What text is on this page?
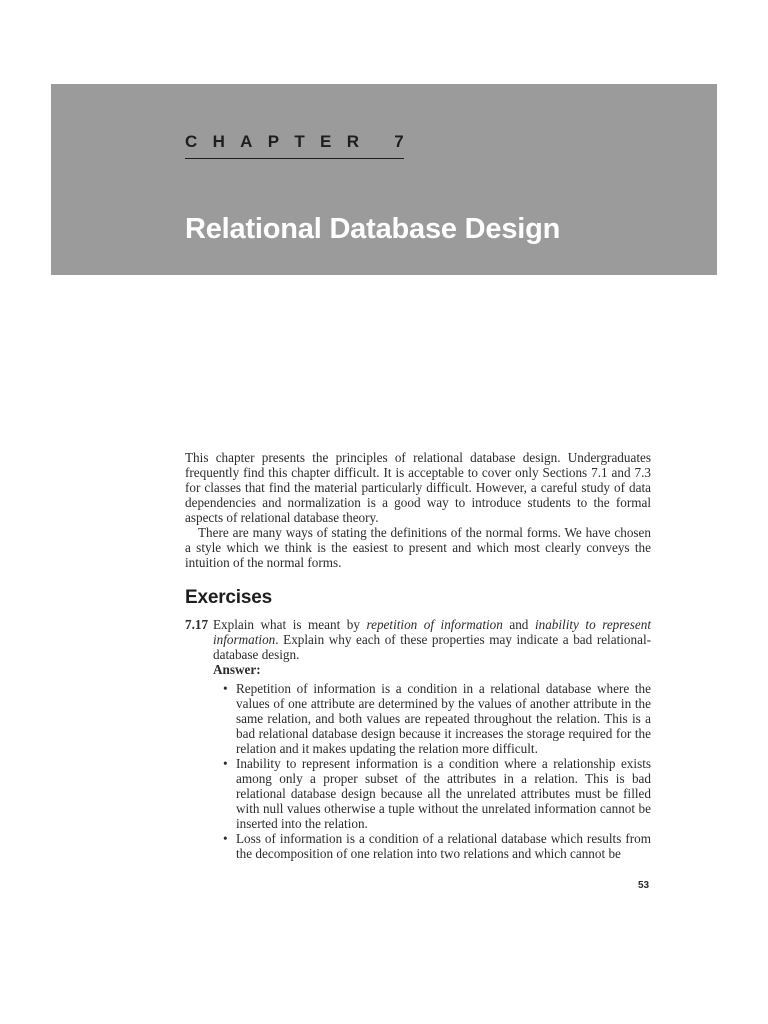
CHAPTER 7
Relational Database Design

This chapter presents the principles of relational database design. Undergraduates frequently find this chapter difficult. It is acceptable to cover only Sections 7.1 and 7.3 for classes that find the material particularly difficult. However, a careful study of data dependencies and normalization is a good way to introduce students to the formal aspects of relational database theory.

There are many ways of stating the definitions of the normal forms. We have chosen a style which we think is the easiest to present and which most clearly conveys the intuition of the normal forms.

Exercises
7.17 Explain what is meant by repetition of information and inability to represent information. Explain why each of these properties may indicate a bad relational-database design.
Answer:
• Repetition of information is a condition in a relational database where the values of one attribute are determined by the values of another attribute in the same relation, and both values are repeated throughout the relation. This is a bad relational database design because it increases the storage required for the relation and it makes updating the relation more difficult.
• Inability to represent information is a condition where a relationship exists among only a proper subset of the attributes in a relation. This is bad relational database design because all the unrelated attributes must be filled with null values otherwise a tuple without the unrelated information cannot be inserted into the relation.
• Loss of information is a condition of a relational database which results from the decomposition of one relation into two relations and which cannot be
53
